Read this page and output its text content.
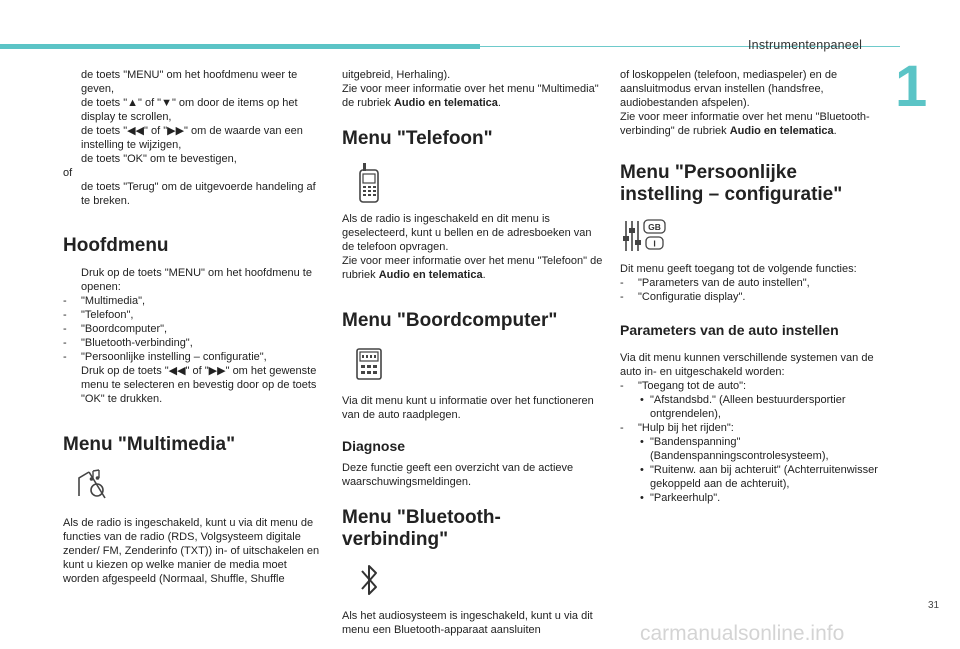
Instrumentenpaneel
1
de toets "MENU" om het hoofdmenu weer te geven,
de toets "▲" of "▼" om door de items op het display te scrollen,
de toets "◀◀" of "▶▶" om de waarde van een instelling te wijzigen,
de toets "OK" om te bevestigen,

of

de toets "Terug" om de uitgevoerde handeling af te breken.
Hoofdmenu
Druk op de toets "MENU" om het hoofdmenu te openen:
- "Multimedia",
- "Telefoon",
- "Boordcomputer",
- "Bluetooth-verbinding",
- "Persoonlijke instelling – configuratie",
Druk op de toets "◀◀" of "▶▶" om het gewenste menu te selecteren en bevestig door op de toets "OK" te drukken.
Menu "Multimedia"

Als de radio is ingeschakeld, kunt u via dit menu de functies van de radio (RDS, Volgsysteem digitale zender/ FM, Zenderinfo (TXT)) in- of uitschakelen en kunt u kiezen op welke manier de media moet worden afgespeeld (Normaal, Shuffle, Shuffle

uitgebreid, Herhaling).

Zie voor meer informatie over het menu "Multimedia" de rubriek Audio en telematica.

Menu "Telefoon"

Als de radio is ingeschakeld en dit menu is geselecteerd, kunt u bellen en de adresboeken van de telefoon opvragen.

Zie voor meer informatie over het menu "Telefoon" de rubriek Audio en telematica.

Menu "Boordcomputer"

Via dit menu kunt u informatie over het functioneren van de auto raadplegen.

Diagnose

Deze functie geeft een overzicht van de actieve waarschuwingsmeldingen.

Menu "Bluetooth-verbinding"

Als het audiosysteem is ingeschakeld, kunt u via dit menu een Bluetooth-apparaat aansluiten

of loskoppelen (telefoon, mediaspeler) en de aansluitmodus ervan instellen (handsfree, audiobestanden afspelen).

Zie voor meer informatie over het menu "Bluetooth-verbinding" de rubriek Audio en telematica.

Menu "Persoonlijke instelling – configuratie"
GB
I

Dit menu geeft toegang tot de volgende functies:

- "Parameters van de auto instellen",
- "Configuratie display".
Parameters van de auto instellen

Via dit menu kunnen verschillende systemen van de auto in- en uitgeschakeld worden:

- "Toegang tot de auto":
• "Afstandsbd." (Alleen bestuurdersportier ontgrendelen),
- "Hulp bij het rijden":
• "Bandenspanning" (Bandenspanningscontrolesysteem),
• "Ruitenw. aan bij achteruit" (Achterruitenwisser gekoppeld aan de achteruit),
• "Parkeerhulp".
31
carmanualsonline.info
